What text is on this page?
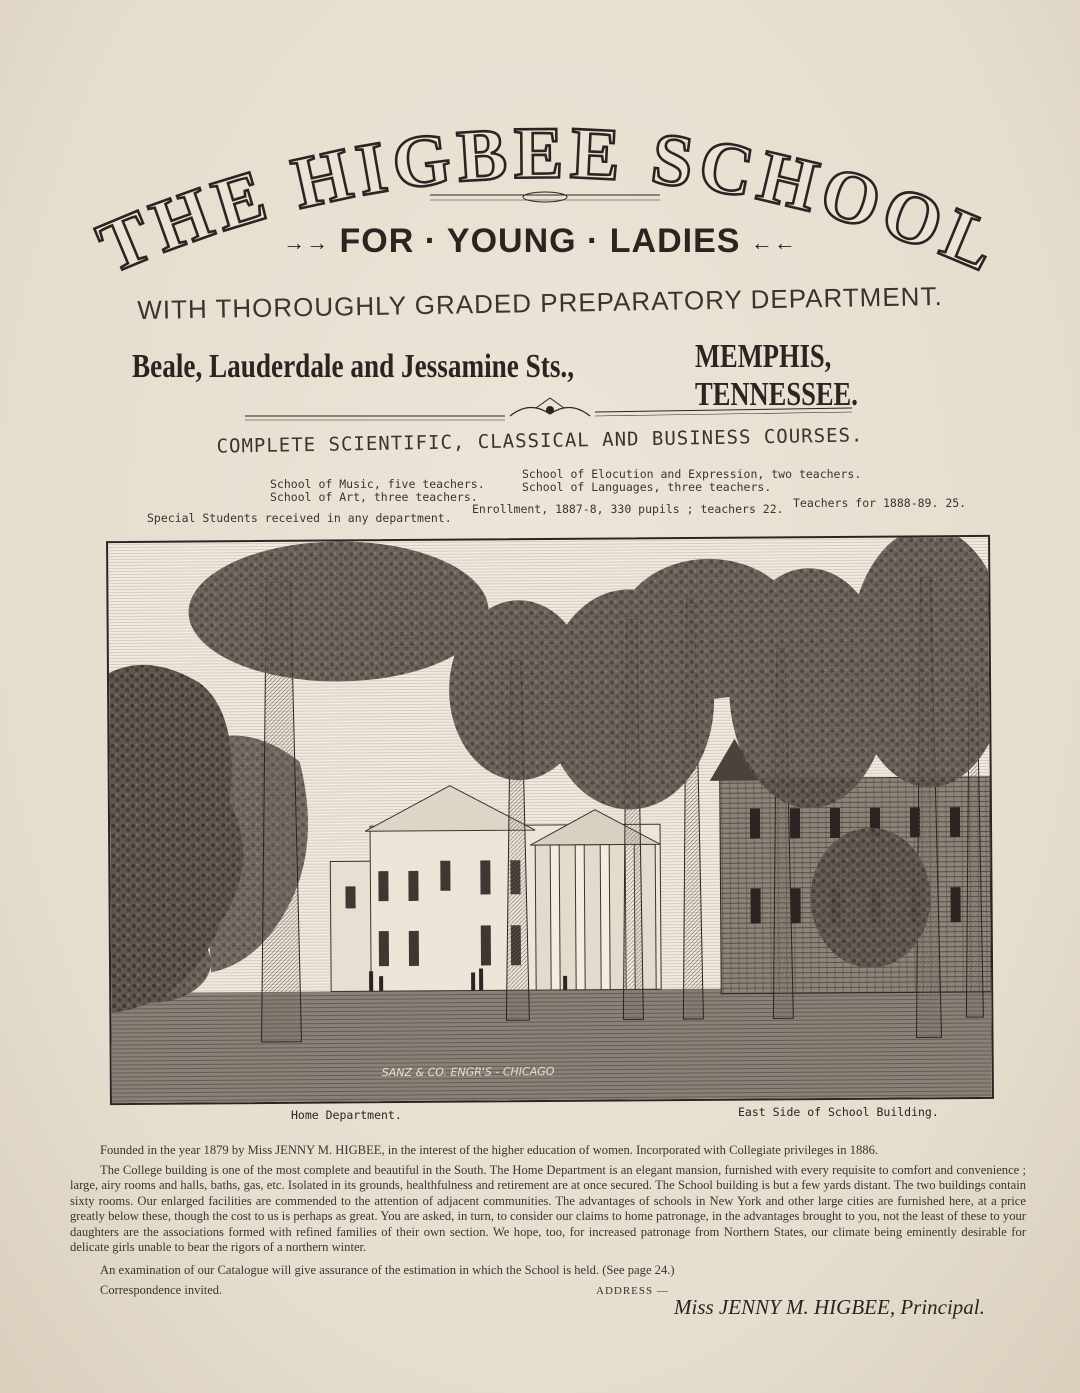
THE HIGBEE SCHOOL
→→ FOR · YOUNG · LADIES ←←
WITH THOROUGHLY GRADED PREPARATORY DEPARTMENT.
Beale, Lauderdale and Jessamine Sts.,	MEMPHIS, TENNESSEE.
COMPLETE SCIENTIFIC, CLASSICAL AND BUSINESS COURSES.
School of Music, five teachers.
School of Art, three teachers.
School of Elocution and Expression, two teachers.
School of Languages, three teachers.
Special Students received in any department.
Enrollment, 1887-8, 330 pupils ; teachers 22. Teachers for 1888-89. 25.
SANZ & CO. ENGR'S - CHICAGO
Home Department.	East Side of School Building.
Founded in the year 1879 by Miss JENNY M. HIGBEE, in the interest of the higher education of women. Incorporated with Collegiate privileges in 1886.
The College building is one of the most complete and beautiful in the South. The Home Department is an elegant mansion, furnished with every requisite to comfort and convenience ; large, airy rooms and halls, baths, gas, etc. Isolated in its grounds, healthfulness and retirement are at once secured. The School building is but a few yards distant. The two buildings contain sixty rooms. Our enlarged facilities are commended to the attention of adjacent communities. The advantages of schools in New York and other large cities are furnished here, at a price greatly below these, though the cost to us is perhaps as great. You are asked, in turn, to consider our claims to home patronage, in the advantages brought to you, not the least of these to your daughters are the associations formed with refined families of their own section. We hope, too, for increased patronage from Northern States, our climate being eminently desirable for delicate girls unable to bear the rigors of a northern winter.
An examination of our Catalogue will give assurance of the estimation in which the School is held. (See page 24.)
Correspondence invited.	ADDRESS —
Miss JENNY M. HIGBEE, Principal.
